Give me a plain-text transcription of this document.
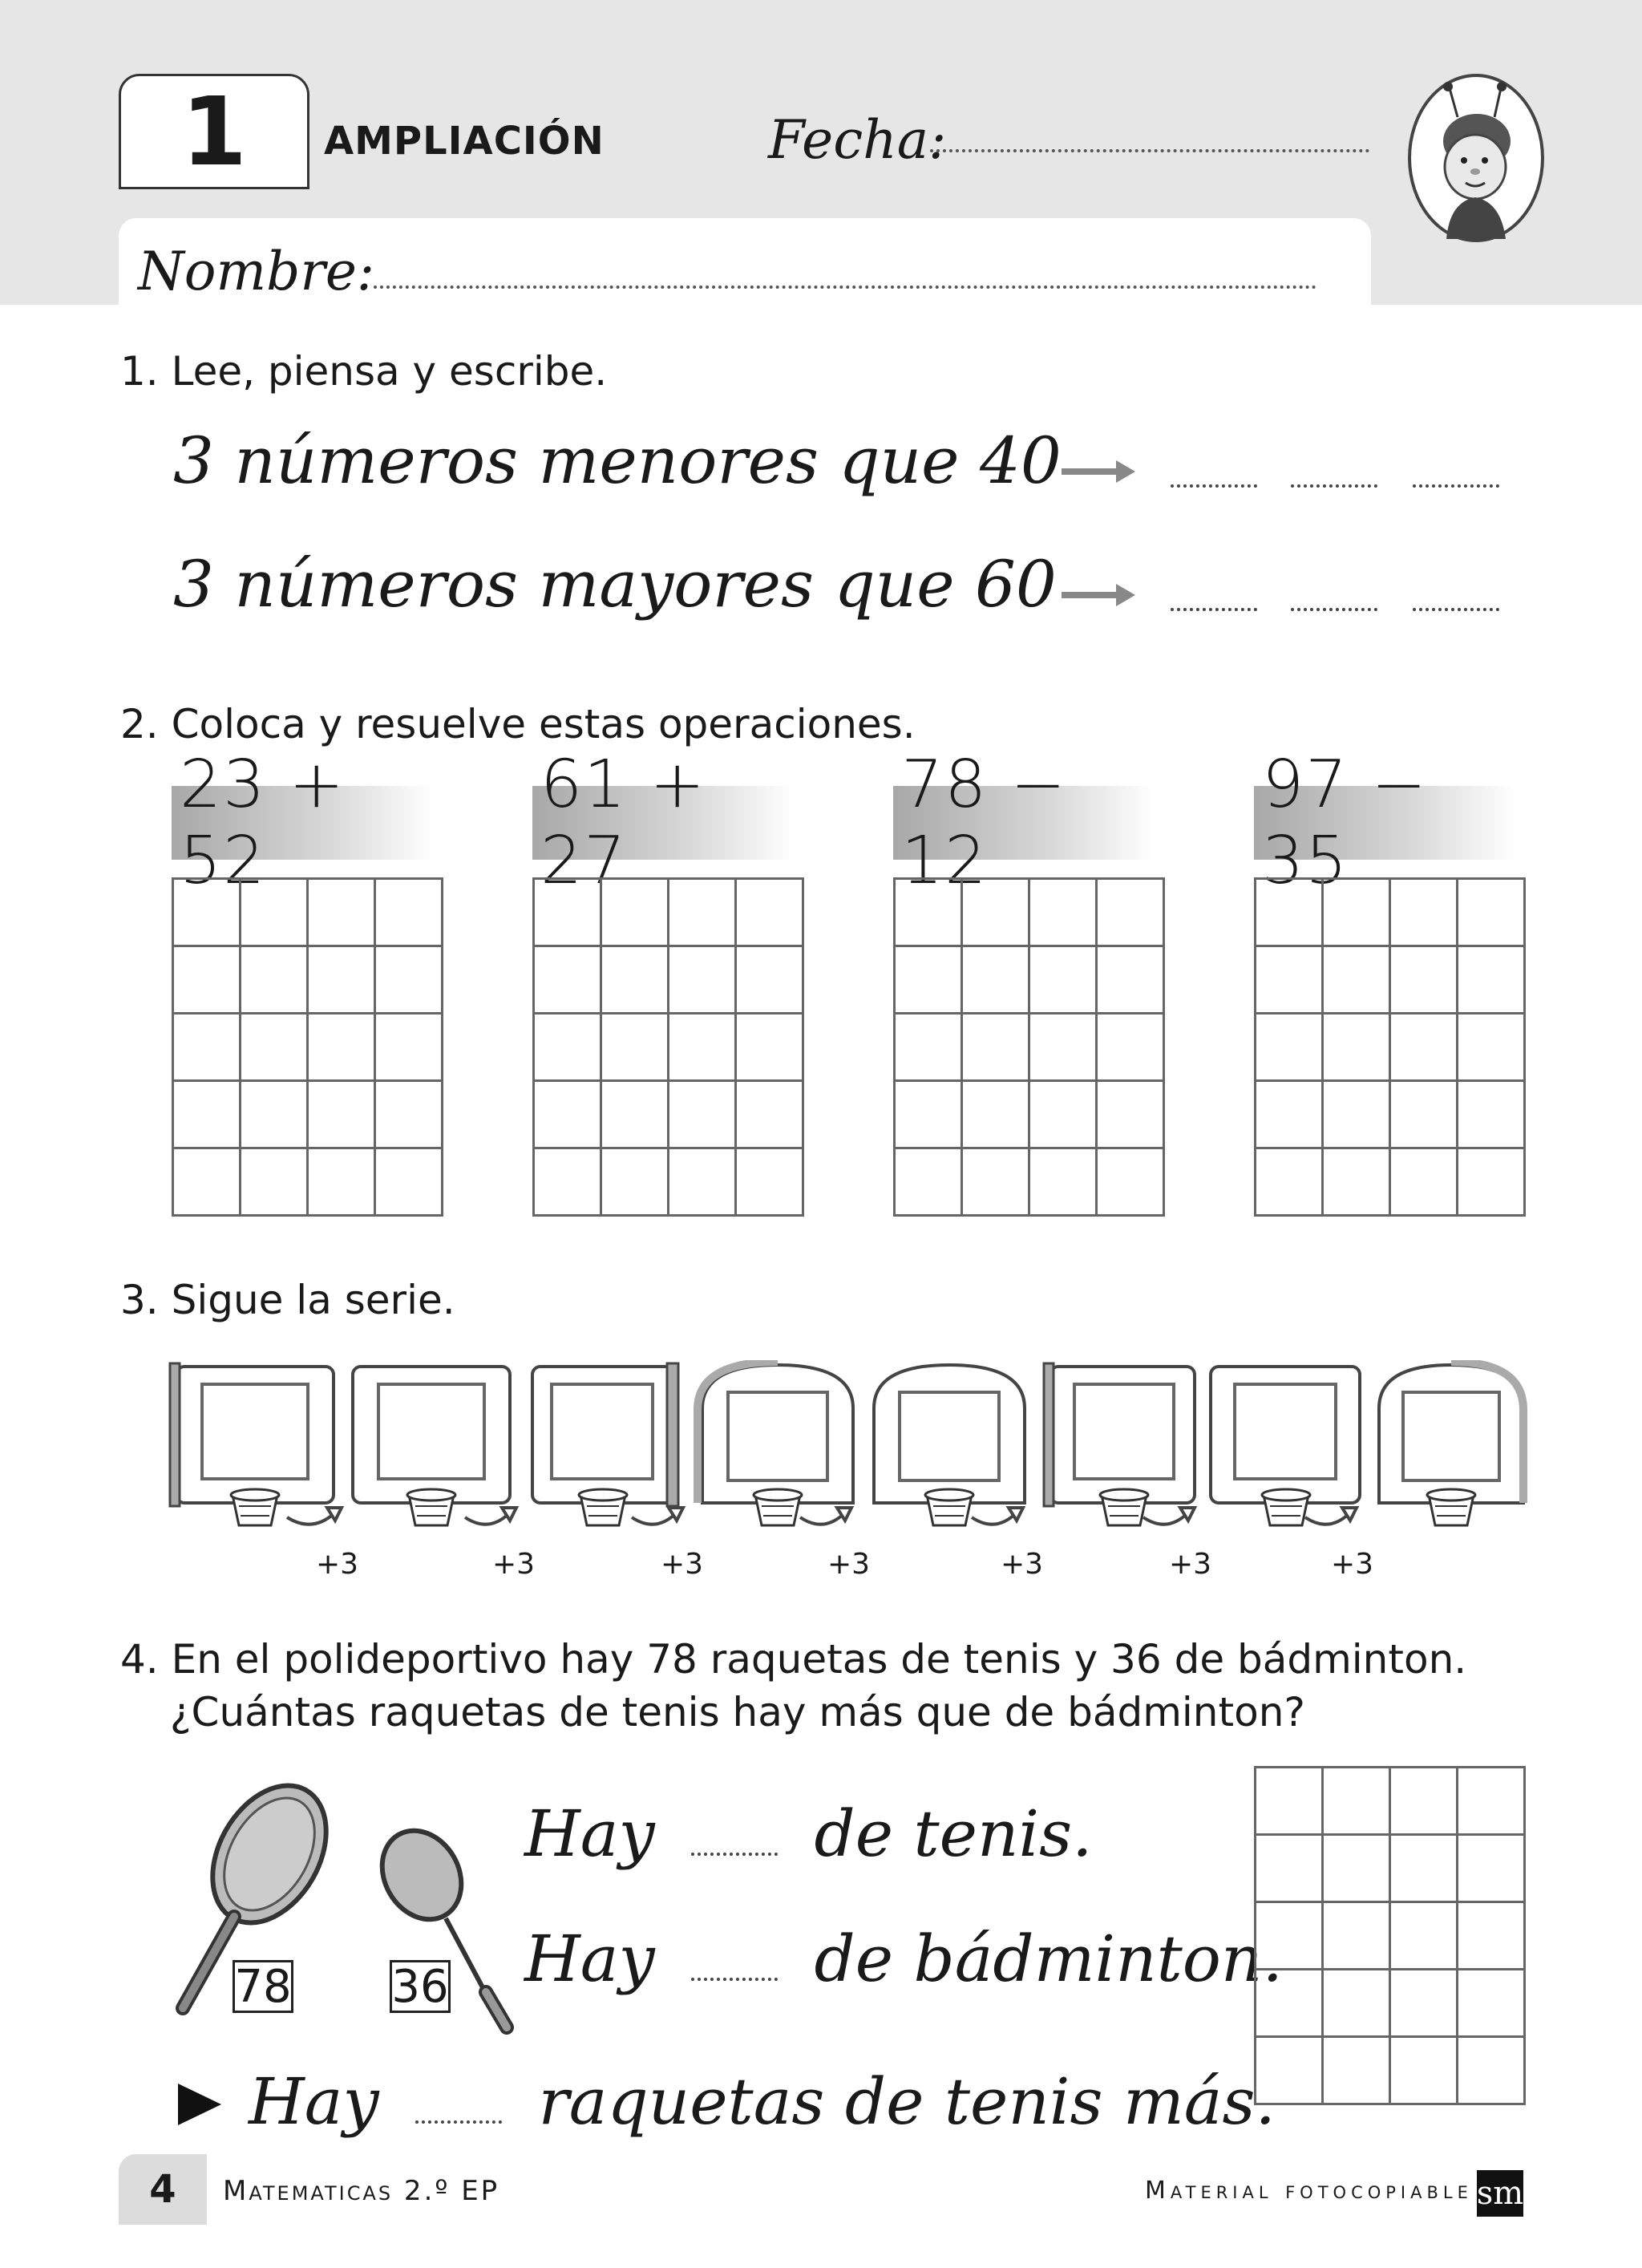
1	AMPLIACIÓN	Fecha:
Nombre:
1. Lee, piensa y escribe.
3 números menores que 40
3 números mayores que 60
2. Coloca y resuelve estas operaciones.
23 + 52
61 + 27
78 − 12
97 − 35

3. Sigue la serie.
+3	+3	+3	+3	+3	+3	+3
4. En el polideportivo hay 78 raquetas de tenis y 36 de bádminton.
¿Cuántas raquetas de tenis hay más que de bádminton?
78 36
Hay de tenis.
Hay de bádminton.

Hay raquetas de tenis más.
4	Matematicas 2.º EP	Material fotocopiable sm
